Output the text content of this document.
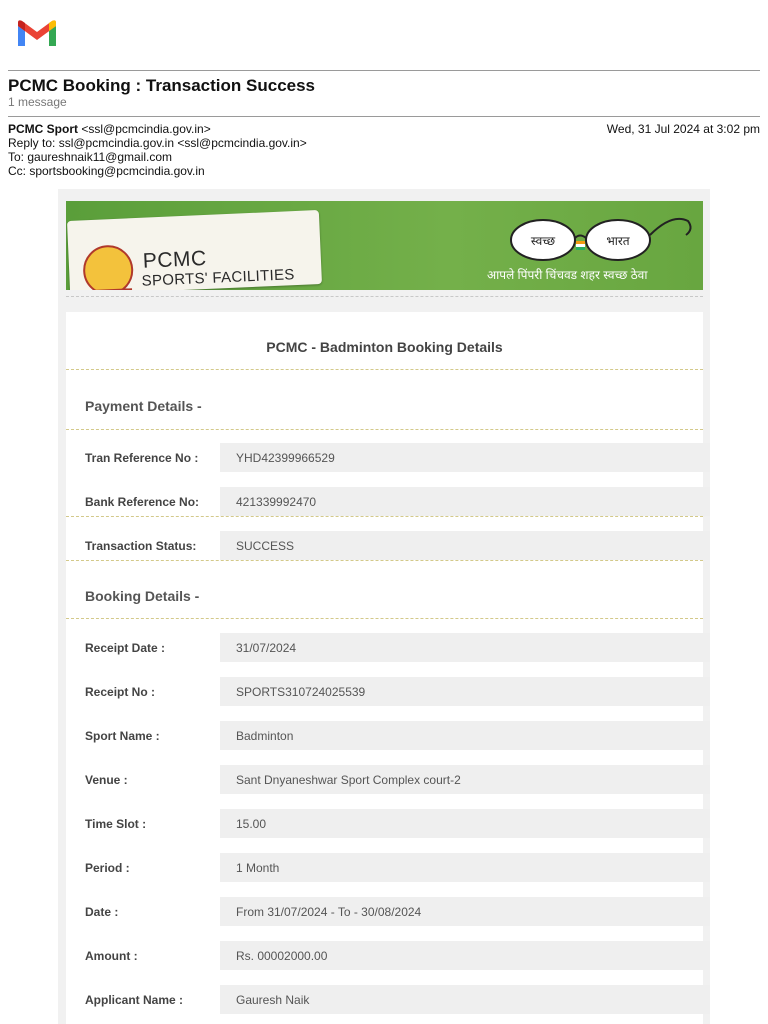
PCMC Booking : Transaction Success
1 message
PCMC Sport <ssl@pcmcindia.gov.in>
Reply to: ssl@pcmcindia.gov.in <ssl@pcmcindia.gov.in>
To: gaureshnaik11@gmail.com
Cc: sportsbooking@pcmcindia.gov.in
Wed, 31 Jul 2024 at 3:02 pm
PCMC
SPORTS' FACILITIES
स्वच्छ	भारत
आपले पिंपरी चिंचवड शहर स्वच्छ ठेवा
PCMC - Badminton Booking Details
Payment Details -
Tran Reference No :	YHD42399966529
Bank Reference No:	421339992470
Transaction Status:	SUCCESS
Booking Details -
Receipt Date :	31/07/2024
Receipt No :	SPORTS310724025539
Sport Name :	Badminton
Venue :	Sant Dnyaneshwar Sport Complex court-2
Time Slot :	15.00
Period :	1 Month
Date :	From 31/07/2024 - To - 30/08/2024
Amount :	Rs. 00002000.00
Applicant Name :	Gauresh Naik
